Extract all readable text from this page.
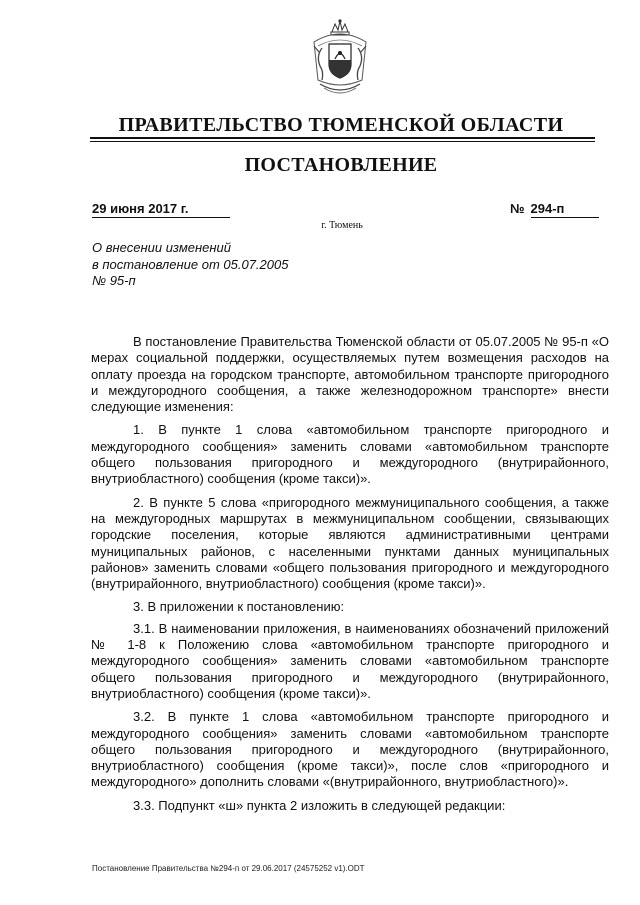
ПРАВИТЕЛЬСТВО ТЮМЕНСКОЙ ОБЛАСТИ
ПОСТАНОВЛЕНИЕ
29 июня 2017 г.	№ 294-п
г. Тюмень
О внесении изменений
в постановление от 05.07.2005
№ 95-п

В постановление Правительства Тюменской области от 05.07.2005 № 95-п «О мерах социальной поддержки, осуществляемых путем возмещения расходов на оплату проезда на городском транспорте, автомобильном транспорте пригородного и междугородного сообщения, а также железнодорожном транспорте» внести следующие изменения:

1. В пункте 1 слова «автомобильном транспорте пригородного и междугородного сообщения» заменить словами «автомобильном транспорте общего пользования пригородного и междугородного (внутрирайонного, внутриобластного) сообщения (кроме такси)».

2. В пункте 5 слова «пригородного межмуниципального сообщения, а также на междугородных маршрутах в межмуниципальном сообщении, связывающих городские поселения, которые являются административными центрами муниципальных районов, с населенными пунктами данных муниципальных районов» заменить словами «общего пользования пригородного и междугородного (внутрирайонного, внутриобластного) сообщения (кроме такси)».

3. В приложении к постановлению:

3.1. В наименовании приложения, в наименованиях обозначений приложений № 1-8 к Положению слова «автомобильном транспорте пригородного и междугородного сообщения» заменить словами «автомобильном транспорте общего пользования пригородного и междугородного (внутрирайонного, внутриобластного) сообщения (кроме такси)».

3.2. В пункте 1 слова «автомобильном транспорте пригородного и междугородного сообщения» заменить словами «автомобильном транспорте общего пользования пригородного и междугородного (внутрирайонного, внутриобластного) сообщения (кроме такси)», после слов «пригородного и междугородного» дополнить словами «(внутрирайонного, внутриобластного)».

3.3. Подпункт «ш» пункта 2 изложить в следующей редакции:

Постановление Правительства №294-п от 29.06.2017 (24575252 v1).ODT
